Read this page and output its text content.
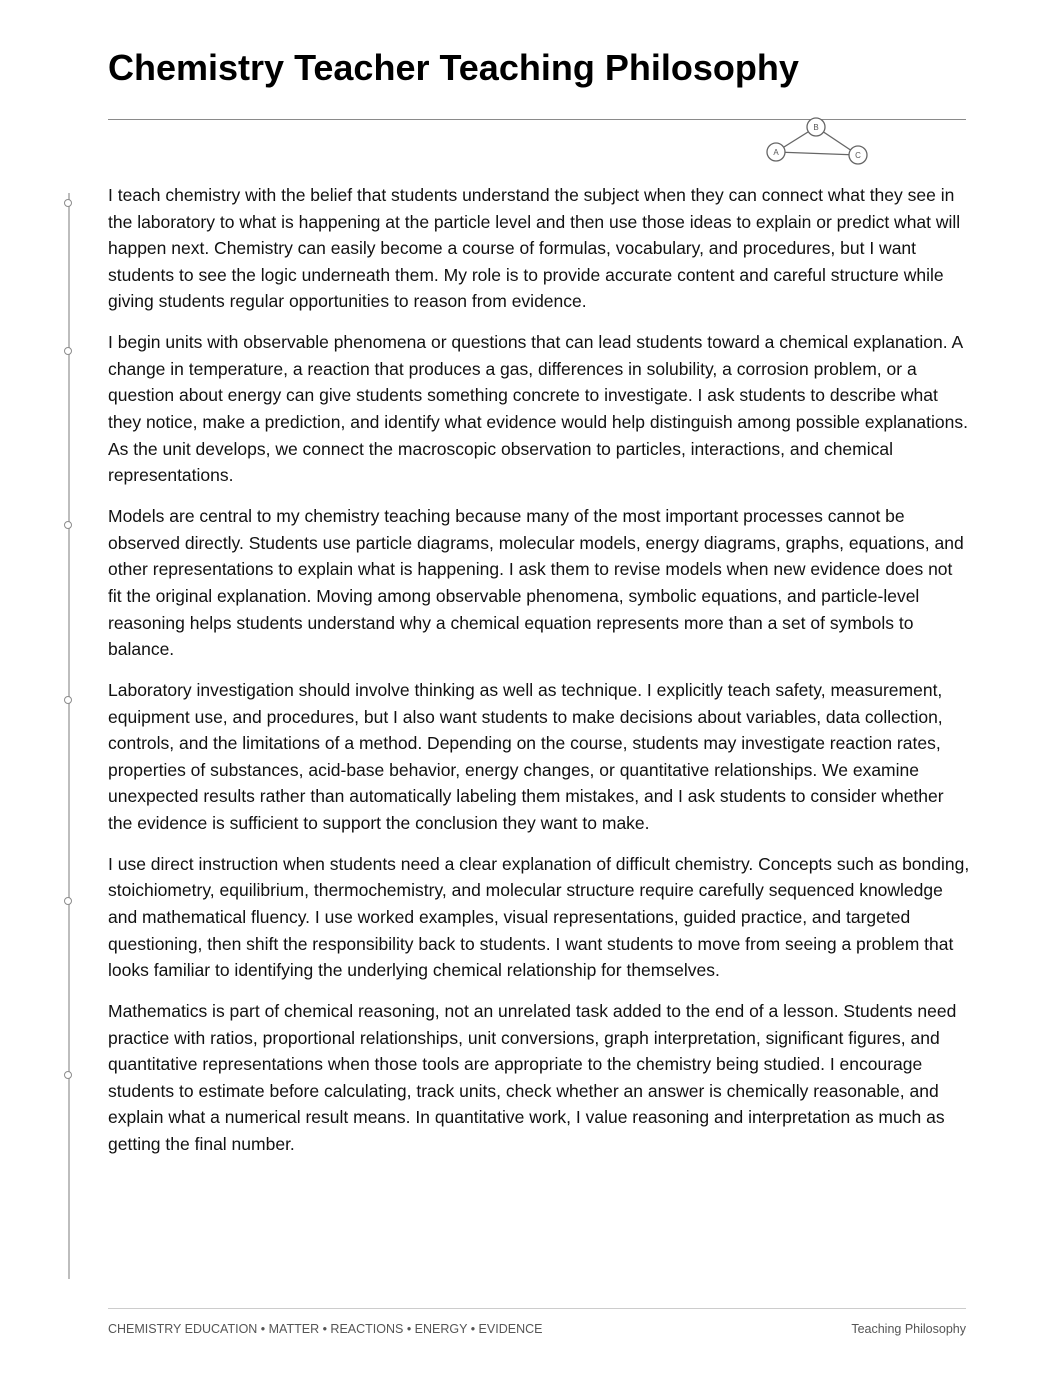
Chemistry Teacher Teaching Philosophy
A
B
C

I teach chemistry with the belief that students understand the subject when they can connect what they see in the laboratory to what is happening at the particle level and then use those ideas to explain or predict what will happen next. Chemistry can easily become a course of formulas, vocabulary, and procedures, but I want students to see the logic underneath them. My role is to provide accurate content and careful structure while giving students regular opportunities to reason from evidence.

I begin units with observable phenomena or questions that can lead students toward a chemical explanation. A change in temperature, a reaction that produces a gas, differences in solubility, a corrosion problem, or a question about energy can give students something concrete to investigate. I ask students to describe what they notice, make a prediction, and identify what evidence would help distinguish among possible explanations. As the unit develops, we connect the macroscopic observation to particles, interactions, and chemical representations.

Models are central to my chemistry teaching because many of the most important processes cannot be observed directly. Students use particle diagrams, molecular models, energy diagrams, graphs, equations, and other representations to explain what is happening. I ask them to revise models when new evidence does not fit the original explanation. Moving among observable phenomena, symbolic equations, and particle-level reasoning helps students understand why a chemical equation represents more than a set of symbols to balance.

Laboratory investigation should involve thinking as well as technique. I explicitly teach safety, measurement, equipment use, and procedures, but I also want students to make decisions about variables, data collection, controls, and the limitations of a method. Depending on the course, students may investigate reaction rates, properties of substances, acid-base behavior, energy changes, or quantitative relationships. We examine unexpected results rather than automatically labeling them mistakes, and I ask students to consider whether the evidence is sufficient to support the conclusion they want to make.

I use direct instruction when students need a clear explanation of difficult chemistry. Concepts such as bonding, stoichiometry, equilibrium, thermochemistry, and molecular structure require carefully sequenced knowledge and mathematical fluency. I use worked examples, visual representations, guided practice, and targeted questioning, then shift the responsibility back to students. I want students to move from seeing a problem that looks familiar to identifying the underlying chemical relationship for themselves.

Mathematics is part of chemical reasoning, not an unrelated task added to the end of a lesson. Students need practice with ratios, proportional relationships, unit conversions, graph interpretation, significant figures, and quantitative representations when those tools are appropriate to the chemistry being studied. I encourage students to estimate before calculating, track units, check whether an answer is chemically reasonable, and explain what a numerical result means. In quantitative work, I value reasoning and interpretation as much as getting the final number.

CHEMISTRY EDUCATION • MATTER • REACTIONS • ENERGY • EVIDENCE	Teaching Philosophy
